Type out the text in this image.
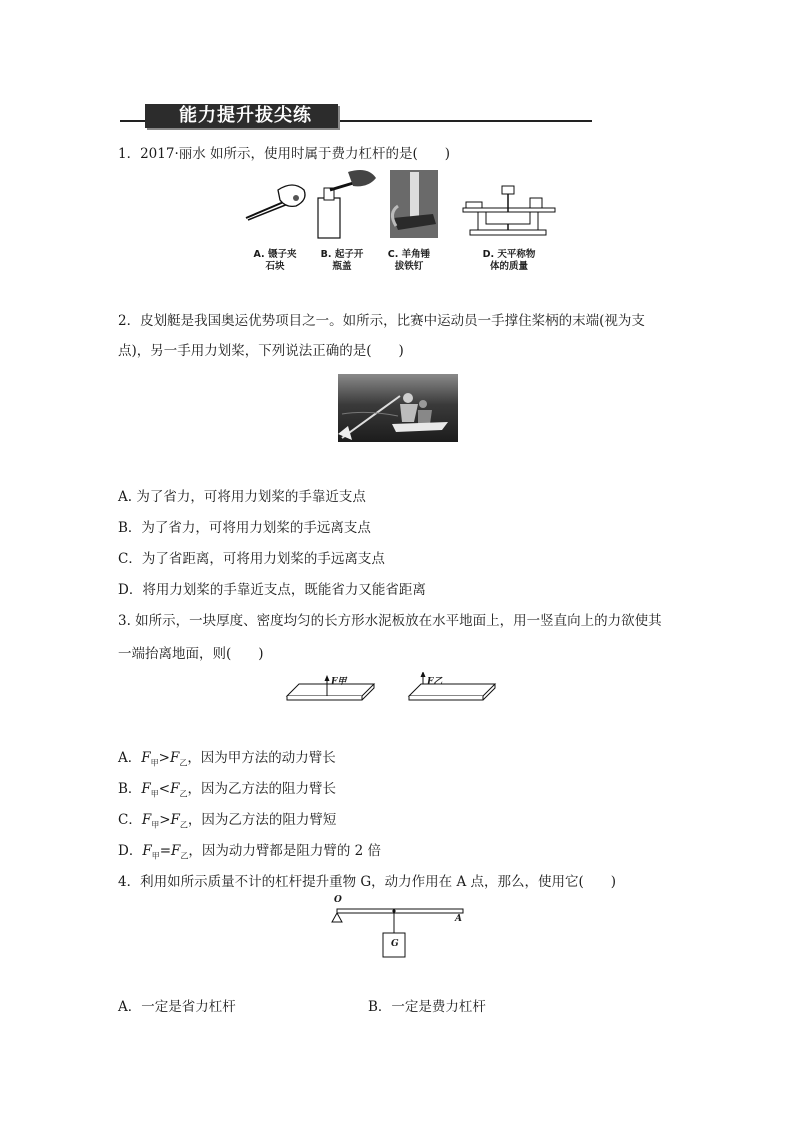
能力提升拔尖练
1．2017·丽水 如所示，使用时属于费力杠杆的是(　　)
A. 镊子夹
石块
B. 起子开
瓶盖
C. 羊角锤
拔铁钉
D. 天平称物
体的质量
2．皮划艇是我国奥运优势项目之一。如所示，比赛中运动员一手撑住桨柄的末端(视为支
点)，另一手用力划桨，下列说法正确的是(　　)
A. 为了省力，可将用力划桨的手靠近支点
B．为了省力，可将用力划桨的手远离支点
C．为了省距离，可将用力划桨的手远离支点
D．将用力划桨的手靠近支点，既能省力又能省距离
3. 如所示，一块厚度、密度均匀的长方形水泥板放在水平地面上，用一竖直向上的力欲使其
一端抬离地面，则(　　)
F甲	F乙
A．$F_甲>F_乙$，因为甲方法的动力臂长
B．$F_甲<F_乙$，因为乙方法的阻力臂长
C．$F_甲>F_乙$，因为乙方法的阻力臂短
D．$F_甲=F_乙$，因为动力臂都是阻力臂的 2 倍
4．利用如所示质量不计的杠杆提升重物 G，动力作用在 A 点，那么，使用它(　　)
O
A
G
A．一定是省力杠杆	B．一定是费力杠杆
